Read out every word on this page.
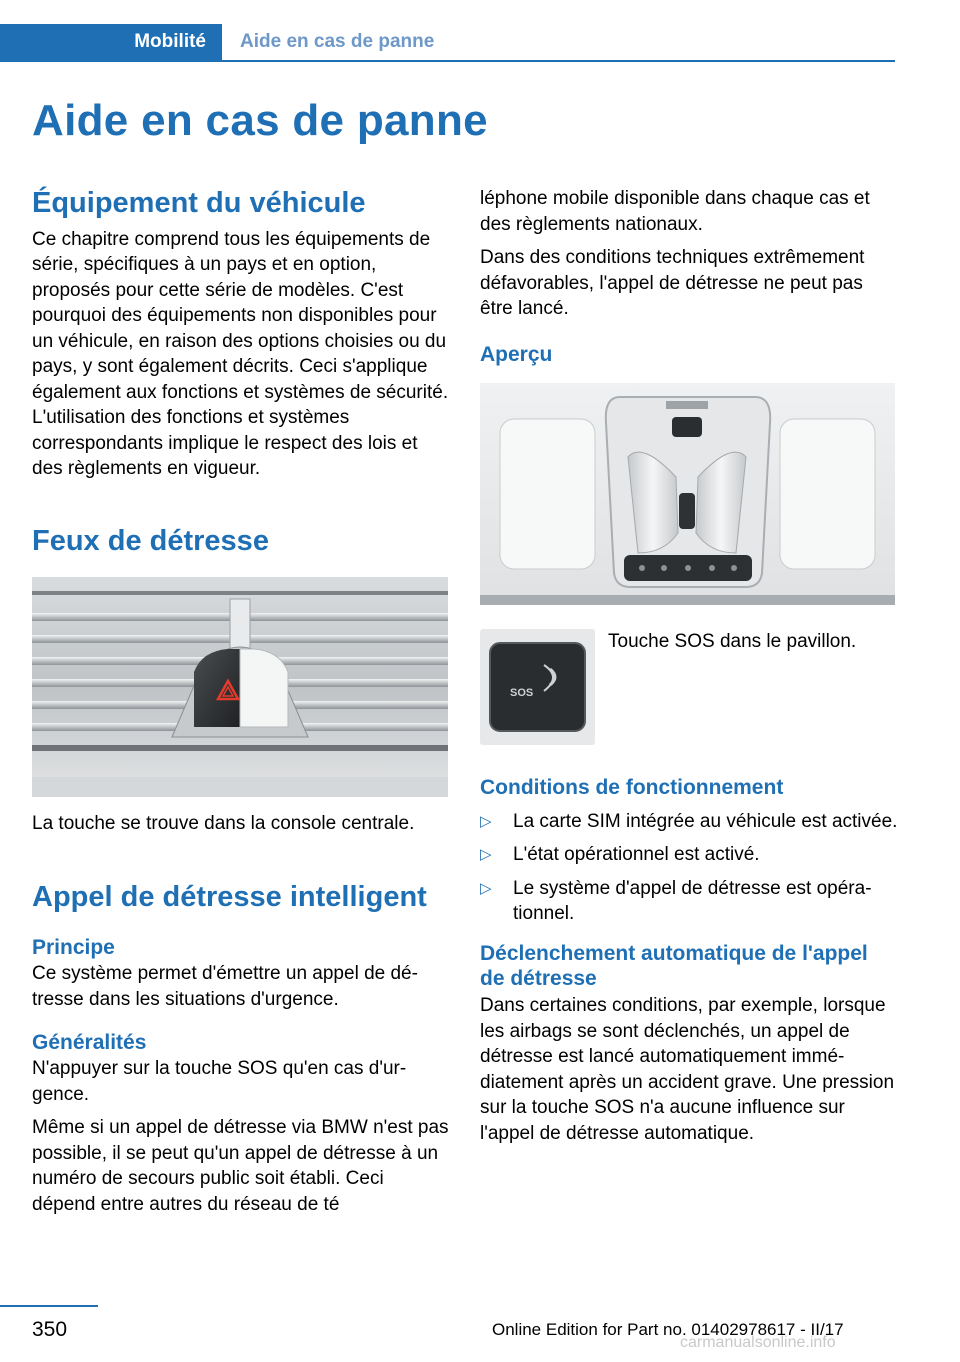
Mobilité	Aide en cas de panne
Aide en cas de panne
Équipement du véhicule

Ce chapitre comprend tous les équipements de série, spécifiques à un pays et en option, proposés pour cette série de modèles. C'est pourquoi des équipements non disponibles pour un véhicule, en raison des options choisies ou du pays, y sont également décrits. Ceci s'applique également aux fonctions et systèmes de sécurité. L'utilisation des fonctions et systèmes correspondants implique le respect des lois et des règlements en vigueur.

Feux de détresse

La touche se trouve dans la console centrale.

Appel de détresse intelligent
Principe

Ce système permet d'émettre un appel de détresse dans les situations d'urgence.

Généralités

N'appuyer sur la touche SOS qu'en cas d'urgence.

Même si un appel de détresse via BMW n'est pas possible, il se peut qu'un appel de détresse à un numéro de secours public soit établi. Ceci dépend entre autres du réseau de té

léphone mobile disponible dans chaque cas et des règlements nationaux.

Dans des conditions techniques extrêmement défavorables, l'appel de détresse ne peut pas être lancé.

Aperçu
SOS

Touche SOS dans le pavillon.

Conditions de fonctionnement
▷ La carte SIM intégrée au véhicule est activée.
▷ L'état opérationnel est activé.
▷ Le système d'appel de détresse est opérationnel.
Déclenchement automatique de l'appel de détresse

Dans certaines conditions, par exemple, lorsque les airbags se sont déclenchés, un appel de détresse est lancé automatiquement immédiatement après un accident grave. Une pression sur la touche SOS n'a aucune influence sur l'appel de détresse automatique.

350	Online Edition for Part no. 01402978617 - II/17
carmanualsonline.info
